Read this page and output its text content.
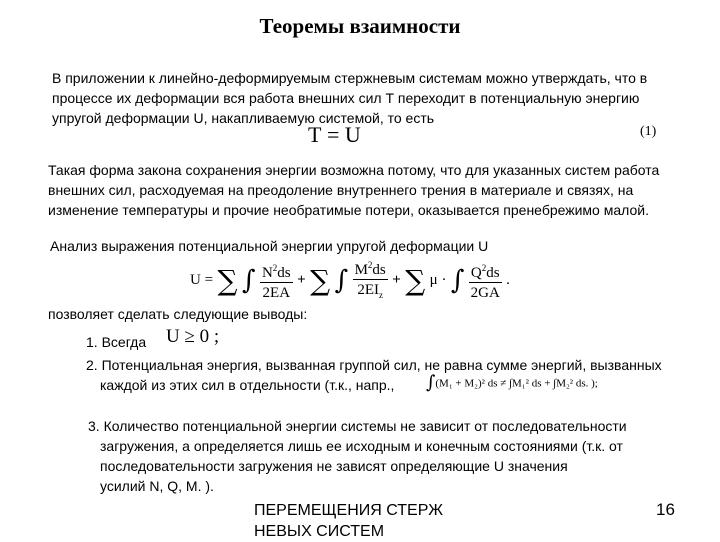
Теоремы взаимности
В приложении к линейно-деформируемым стержневым системам можно утверждать, что в
процессе их деформации вся работа внешних сил Т переходит в потенциальную энергию
упругой деформации U, накапливаемую системой, то есть
Т = U	(1)
Такая форма закона сохранения энергии возможна потому, что для указанных систем работа
внешних сил, расходуемая на преодоление внутреннего трения в материале и связях, на
изменение температуры и прочие необратимые потери, оказывается пренебрежимо малой.
Анализ выражения потенциальной энергии упругой деформации U
U = ∑ ∫ $\frac{N^2ds}{2EA}$ + ∑ ∫ $\frac{M^2ds}{2EI_z}$ + ∑ μ · ∫ $\frac{Q^2ds}{2GA}$ .
позволяет сделать следующие выводы:
1. Всегда U ≥ 0 ;
2. Потенциальная энергия, вызванная группой сил, не равна сумме энергий, вызванных
каждой из этих сил в отдельности (т.к., напр., ∫(M₁ + M₂)² ds ≠ ∫M₁² ds + ∫M₂² ds. );
3. Количество потенциальной энергии системы не зависит от последовательности
загружения, а определяется лишь ее исходным и конечным состояниями (т.к. от
последовательности загружения не зависят определяющие U значения
усилий N, Q, M. ).
ПЕРЕМЕЩЕНИЯ СТЕРЖ
НЕВЫХ СИСТЕМ
16
